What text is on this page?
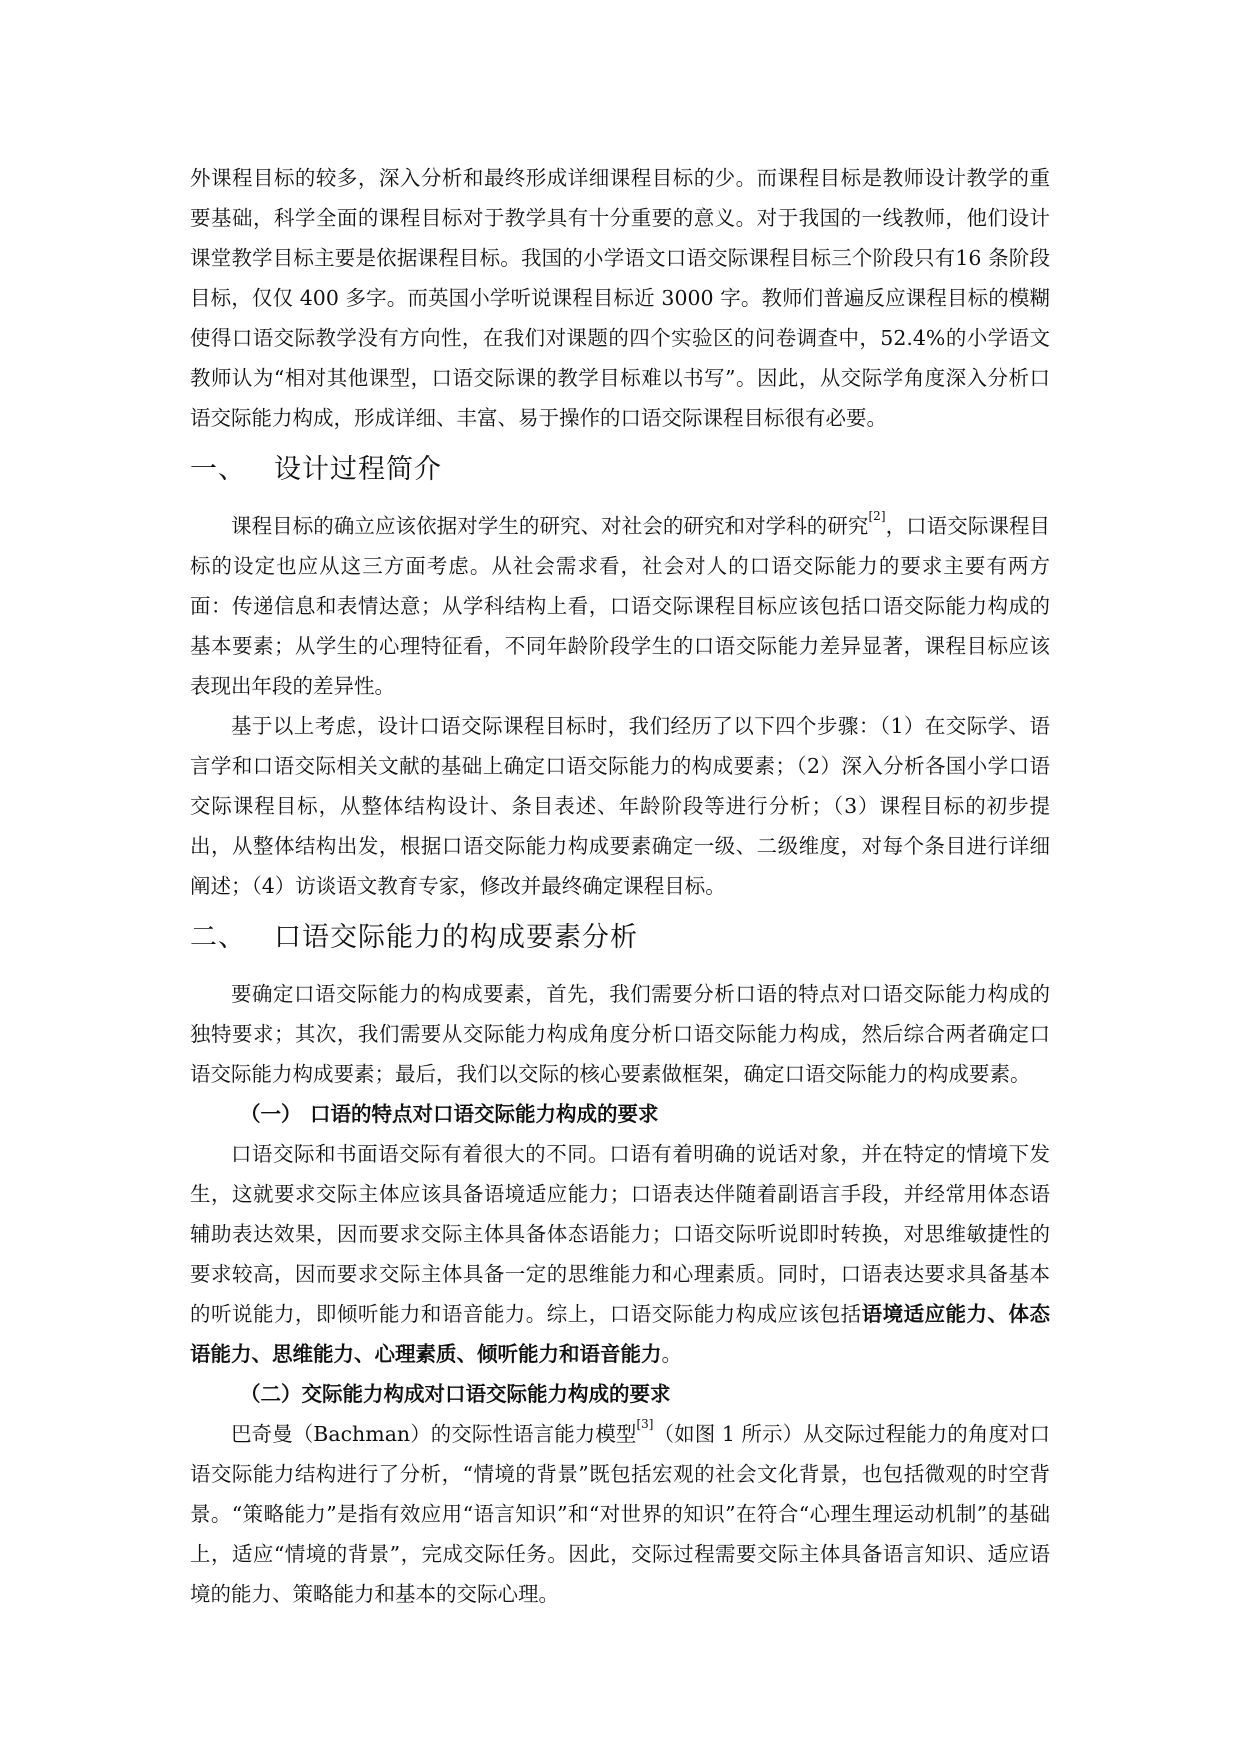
外课程目标的较多，深入分析和最终形成详细课程目标的少。而课程目标是教师设计教学的重要基础，科学全面的课程目标对于教学具有十分重要的意义。对于我国的一线教师，他们设计课堂教学目标主要是依据课程目标。我国的小学语文口语交际课程目标三个阶段只有16 条阶段目标，仅仅 400 多字。而英国小学听说课程目标近 3000 字。教师们普遍反应课程目标的模糊使得口语交际教学没有方向性，在我们对课题的四个实验区的问卷调查中，52.4%的小学语文教师认为“相对其他课型，口语交际课的教学目标难以书写”。因此，从交际学角度深入分析口语交际能力构成，形成详细、丰富、易于操作的口语交际课程目标很有必要。

一、 设计过程简介

课程目标的确立应该依据对学生的研究、对社会的研究和对学科的研究[2]，口语交际课程目标的设定也应从这三方面考虑。从社会需求看，社会对人的口语交际能力的要求主要有两方面：传递信息和表情达意；从学科结构上看，口语交际课程目标应该包括口语交际能力构成的基本要素；从学生的心理特征看，不同年龄阶段学生的口语交际能力差异显著，课程目标应该表现出年段的差异性。

基于以上考虑，设计口语交际课程目标时，我们经历了以下四个步骤：（1）在交际学、语言学和口语交际相关文献的基础上确定口语交际能力的构成要素；（2）深入分析各国小学口语交际课程目标，从整体结构设计、条目表述、年龄阶段等进行分析；（3）课程目标的初步提出，从整体结构出发，根据口语交际能力构成要素确定一级、二级维度，对每个条目进行详细阐述；（4）访谈语文教育专家，修改并最终确定课程目标。

二、 口语交际能力的构成要素分析

要确定口语交际能力的构成要素，首先，我们需要分析口语的特点对口语交际能力构成的独特要求；其次，我们需要从交际能力构成角度分析口语交际能力构成，然后综合两者确定口语交际能力构成要素；最后，我们以交际的核心要素做框架，确定口语交际能力的构成要素。

（一） 口语的特点对口语交际能力构成的要求

口语交际和书面语交际有着很大的不同。口语有着明确的说话对象，并在特定的情境下发生，这就要求交际主体应该具备语境适应能力；口语表达伴随着副语言手段，并经常用体态语辅助表达效果，因而要求交际主体具备体态语能力；口语交际听说即时转换，对思维敏捷性的要求较高，因而要求交际主体具备一定的思维能力和心理素质。同时，口语表达要求具备基本的听说能力，即倾听能力和语音能力。综上，口语交际能力构成应该包括语境适应能力、体态语能力、思维能力、心理素质、倾听能力和语音能力。

（二）交际能力构成对口语交际能力构成的要求

巴奇曼（Bachman）的交际性语言能力模型[3]（如图 1 所示）从交际过程能力的角度对口语交际能力结构进行了分析，“情境的背景”既包括宏观的社会文化背景，也包括微观的时空背景。“策略能力”是指有效应用“语言知识”和“对世界的知识”在符合“心理生理运动机制”的基础上，适应“情境的背景”，完成交际任务。因此，交际过程需要交际主体具备语言知识、适应语境的能力、策略能力和基本的交际心理。
